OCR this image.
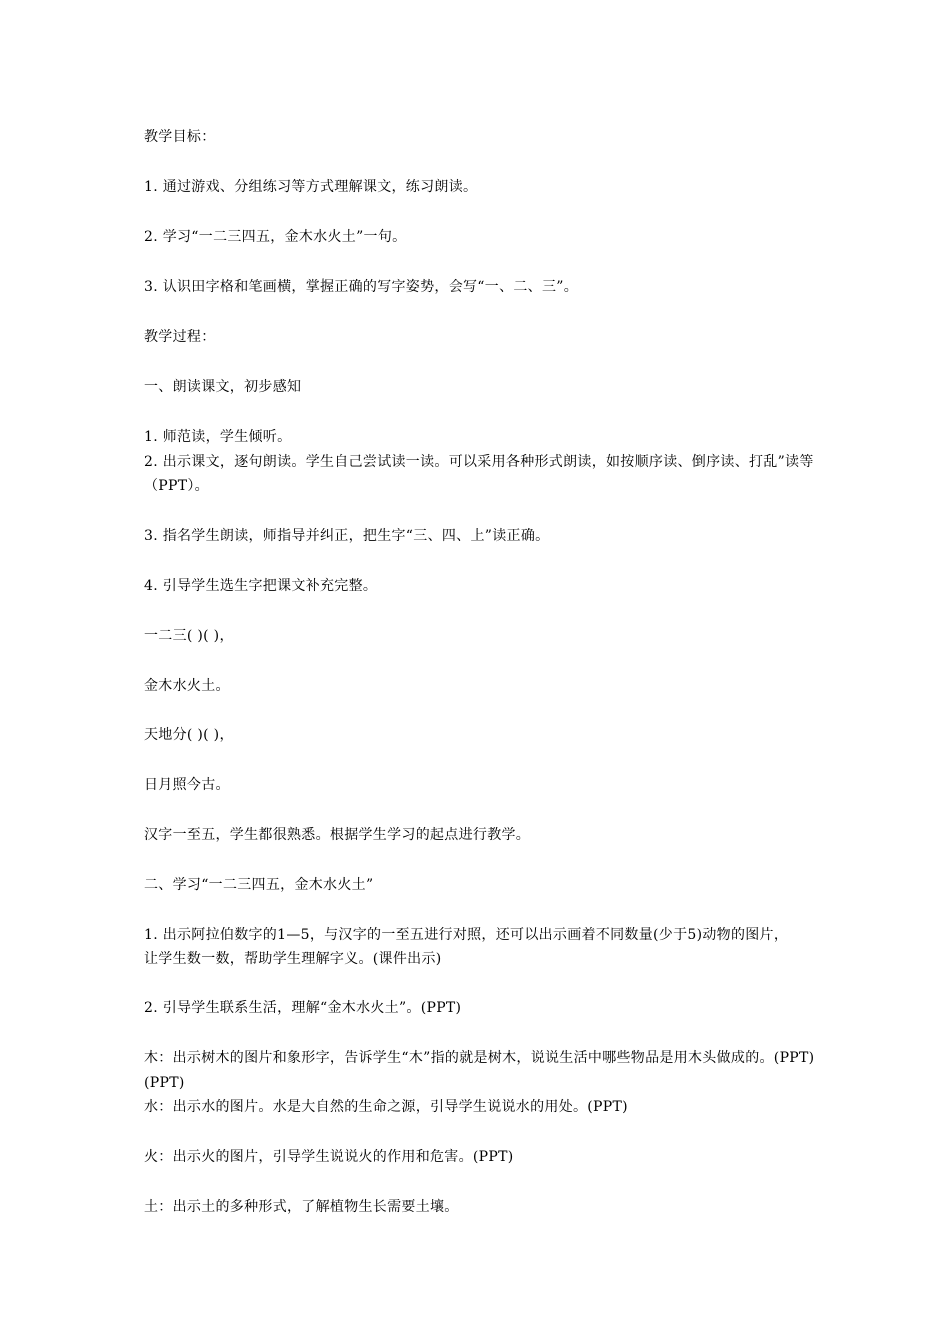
教学目标：
1. 通过游戏、分组练习等方式理解课文，练习朗读。
2. 学习“一二三四五，金木水火土”一句。
3. 认识田字格和笔画横，掌握正确的写字姿势，会写“一、二、三”。
教学过程：
一、朗读课文，初步感知
1. 师范读，学生倾听。
2. 出示课文，逐句朗读。学生自己尝试读一读。可以采用各种形式朗读，如按顺序读、倒序读、打乱”读等
（PPT）。
3. 指名学生朗读，师指导并纠正，把生字“三、四、上”读正确。
4. 引导学生选生字把课文补充完整。
一二三( )( )，
金木水火土。
天地分( )( )，
日月照今古。
汉字一至五，学生都很熟悉。根据学生学习的起点进行教学。
二、学习“一二三四五，金木水火土”
1. 出示阿拉伯数字的1—5，与汉字的一至五进行对照，还可以出示画着不同数量(少于5)动物的图片，
让学生数一数，帮助学生理解字义。(课件出示)
2. 引导学生联系生活，理解“金木水火土”。(PPT)
木：出示树木的图片和象形字，告诉学生“木”指的就是树木，说说生活中哪些物品是用木头做成的。(PPT)
(PPT)
水：出示水的图片。水是大自然的生命之源，引导学生说说水的用处。(PPT)
火：出示火的图片，引导学生说说火的作用和危害。(PPT)
土：出示土的多种形式，了解植物生长需要土壤。
